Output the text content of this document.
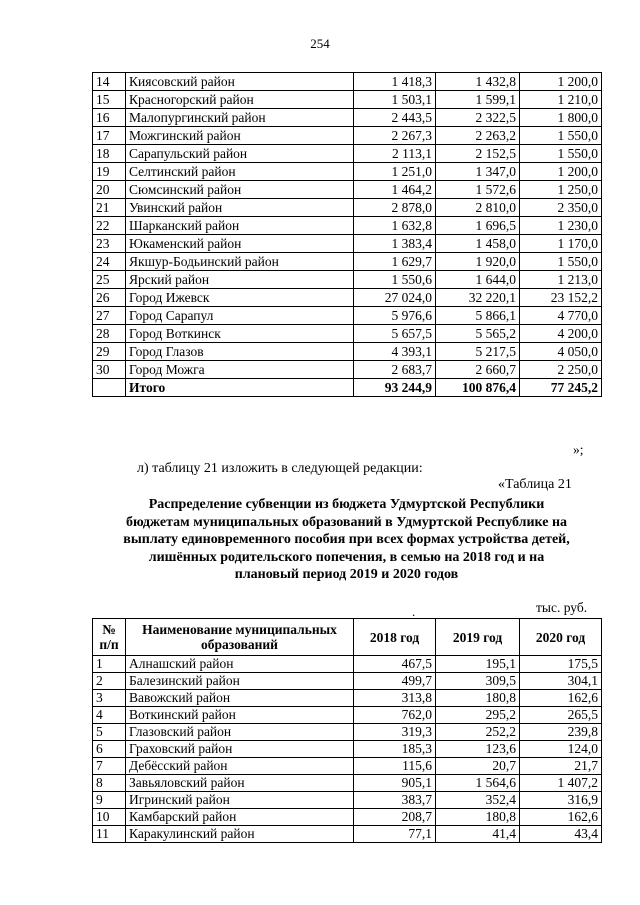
254
14	Киясовский район	1 418,3	1 432,8	1 200,0
15	Красногорский район	1 503,1	1 599,1	1 210,0
16	Малопургинский район	2 443,5	2 322,5	1 800,0
17	Можгинский район	2 267,3	2 263,2	1 550,0
18	Сарапульский район	2 113,1	2 152,5	1 550,0
19	Селтинский район	1 251,0	1 347,0	1 200,0
20	Сюмсинский район	1 464,2	1 572,6	1 250,0
21	Увинский район	2 878,0	2 810,0	2 350,0
22	Шарканский район	1 632,8	1 696,5	1 230,0
23	Юкаменский район	1 383,4	1 458,0	1 170,0
24	Якшур-Бодьинский район	1 629,7	1 920,0	1 550,0
25	Ярский район	1 550,6	1 644,0	1 213,0
26	Город Ижевск	27 024,0	32 220,1	23 152,2
27	Город Сарапул	5 976,6	5 866,1	4 770,0
28	Город Воткинск	5 657,5	5 565,2	4 200,0
29	Город Глазов	4 393,1	5 217,5	4 050,0
30	Город Можга	2 683,7	2 660,7	2 250,0
	Итого	93 244,9	100 876,4	77 245,2
»;
л) таблицу 21 изложить в следующей редакции:
«Таблица 21
Распределение субвенции из бюджета Удмуртской Республики
бюджетам муниципальных образований в Удмуртской Республике на
выплату единовременного пособия при всех формах устройства детей,
лишённых родительского попечения, в семью на 2018 год и на
плановый период 2019 и 2020 годов
.	тыс. руб.
№ п/п	Наименование муниципальных образований	2018 год	2019 год	2020 год
1	Алнашский район	467,5	195,1	175,5
2	Балезинский район	499,7	309,5	304,1
3	Вавожский район	313,8	180,8	162,6
4	Воткинский район	762,0	295,2	265,5
5	Глазовский район	319,3	252,2	239,8
6	Граховский район	185,3	123,6	124,0
7	Дебёсский район	115,6	20,7	21,7
8	Завьяловский район	905,1	1 564,6	1 407,2
9	Игринский район	383,7	352,4	316,9
10	Камбарский район	208,7	180,8	162,6
11	Каракулинский район	77,1	41,4	43,4
